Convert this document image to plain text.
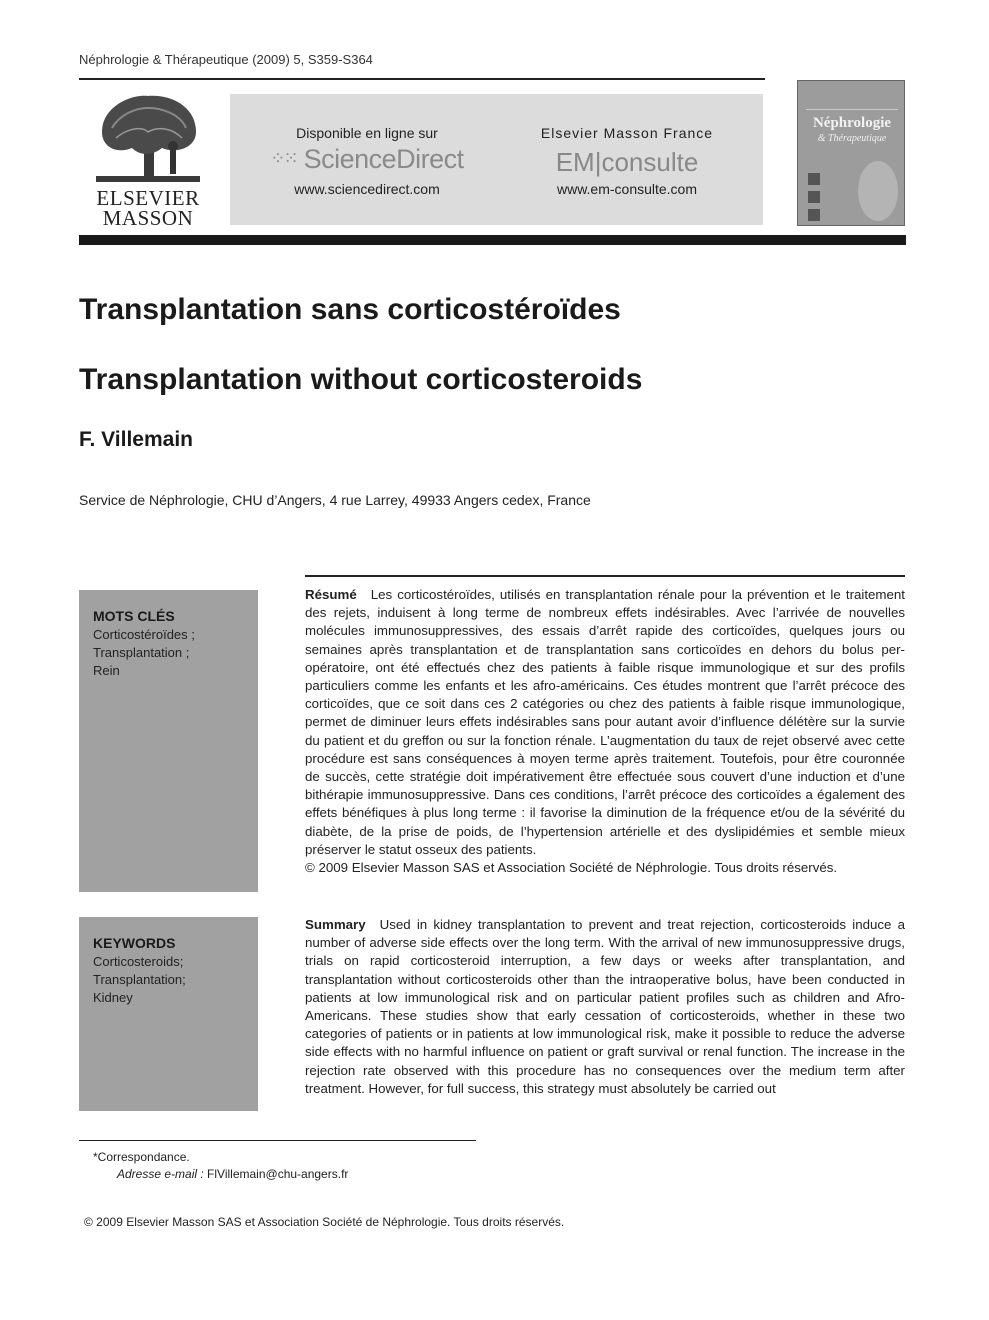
Néphrologie & Thérapeutique (2009) 5, S359-S364
ELSEVIER
MASSON
Disponible en ligne sur
⁘⁙ ScienceDirect
www.sciencedirect.com
Elsevier Masson France
EM|consulte
www.em-consulte.com
Néphrologie
& Thérapeutique
Transplantation sans corticostéroïdes
Transplantation without corticosteroids
F. Villemain
Service de Néphrologie, CHU d’Angers, 4 rue Larrey, 49933 Angers cedex, France
MOTS CLÉS
Corticostéroïdes ;
Transplantation ;
Rein
KEYWORDS
Corticosteroids;
Transplantation;
Kidney
Résumé Les corticostéroïdes, utilisés en transplantation rénale pour la prévention et le traitement des rejets, induisent à long terme de nombreux effets indésirables. Avec l’arrivée de nouvelles molécules immunosuppressives, des essais d’arrêt rapide des corticoïdes, quelques jours ou semaines après transplantation et de transplantation sans corticoïdes en dehors du bolus per-opératoire, ont été effectués chez des patients à faible risque immunologique et sur des profils particuliers comme les enfants et les afro-américains. Ces études montrent que l’arrêt précoce des corticoïdes, que ce soit dans ces 2 catégories ou chez des patients à faible risque immunologique, permet de diminuer leurs effets indésirables sans pour autant avoir d’influence délétère sur la survie du patient et du greffon ou sur la fonction rénale. L’augmentation du taux de rejet observé avec cette procédure est sans conséquences à moyen terme après traitement. Toutefois, pour être couronnée de succès, cette stratégie doit impérativement être effectuée sous couvert d’une induction et d’une bithérapie immunosuppressive. Dans ces conditions, l’arrêt précoce des corticoïdes a également des effets bénéfiques à plus long terme : il favorise la diminution de la fréquence et/ou de la sévérité du diabète, de la prise de poids, de l’hypertension artérielle et des dyslipidémies et semble mieux préserver le statut osseux des patients.
© 2009 Elsevier Masson SAS et Association Société de Néphrologie. Tous droits réservés.
Summary Used in kidney transplantation to prevent and treat rejection, corticosteroids induce a number of adverse side effects over the long term. With the arrival of new immunosuppressive drugs, trials on rapid corticosteroid interruption, a few days or weeks after transplantation, and transplantation without corticosteroids other than the intraoperative bolus, have been conducted in patients at low immunological risk and on particular patient profiles such as children and Afro-Americans. These studies show that early cessation of corticosteroids, whether in these two categories of patients or in patients at low immunological risk, make it possible to reduce the adverse side effects with no harmful influence on patient or graft survival or renal function. The increase in the rejection rate observed with this procedure has no consequences over the medium term after treatment. However, for full success, this strategy must absolutely be carried out
*Correspondance.
Adresse e-mail : FlVillemain@chu-angers.fr
© 2009 Elsevier Masson SAS et Association Société de Néphrologie. Tous droits réservés.
